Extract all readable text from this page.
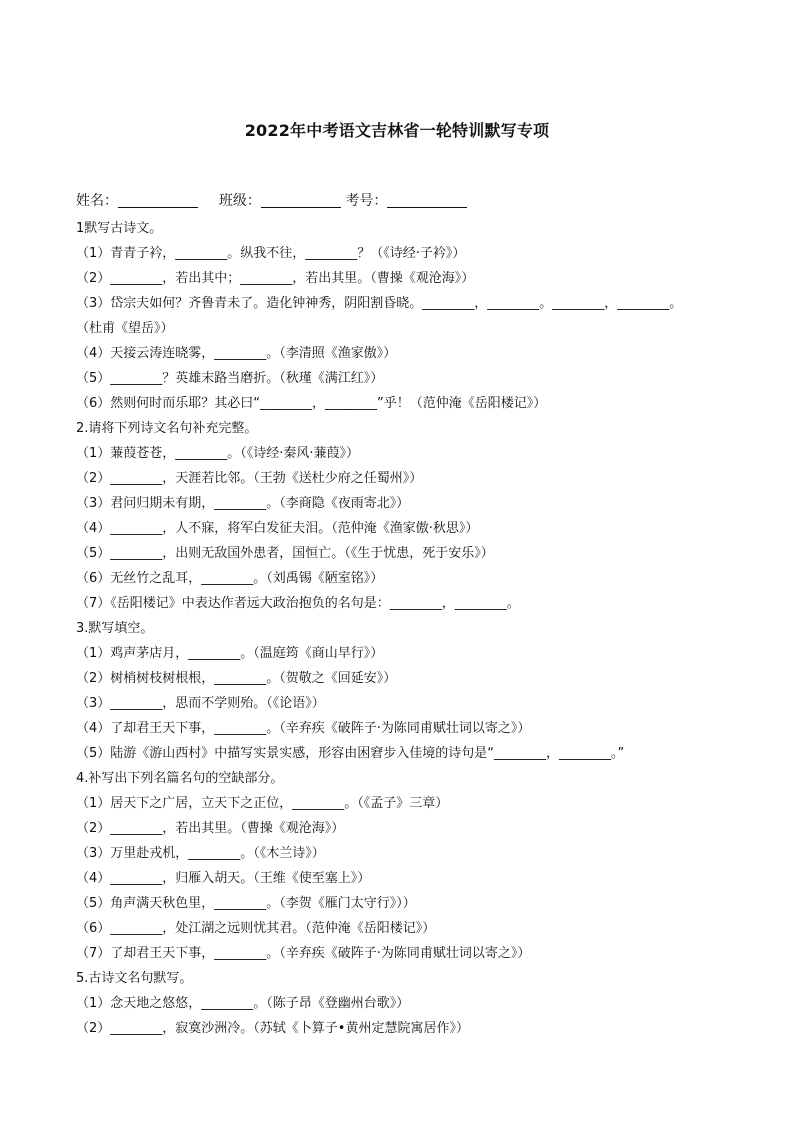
2022年中考语文吉林省一轮特训默写专项
姓名：	班级：	考号：
1默写古诗文。
（1）青青子衿，________。纵我不往，________？（《诗经·子衿》）
（2）________，若出其中；________，若出其里。（曹操《观沧海》）
（3）岱宗夫如何？齐鲁青未了。造化钟神秀，阴阳割昏晓。________，________。________，________。
（杜甫《望岳》）
（4）天接云涛连晓雾，________。（李清照《渔家傲》）
（5）________？英雄末路当磨折。（秋瑾《满江红》）
（6）然则何时而乐耶？其必曰“________，________”乎！（范仲淹《岳阳楼记》）
2.请将下列诗文名句补充完整。
（1）蒹葭苍苍，________。（《诗经·秦风·蒹葭》）
（2）________，天涯若比邻。（王勃《送杜少府之任蜀州》）
（3）君问归期未有期，________。（李商隐《夜雨寄北》）
（4）________，人不寐，将军白发征夫泪。（范仲淹《渔家傲·秋思》）
（5）________，出则无敌国外患者，国恒亡。（《生于忧患，死于安乐》）
（6）无丝竹之乱耳，________。（刘禹锡《陋室铭》）
（7）《岳阳楼记》中表达作者远大政治抱负的名句是：________，________。
3.默写填空。
（1）鸡声茅店月，________。（温庭筠《商山早行》）
（2）树梢树枝树根根，________。（贺敬之《回延安》）
（3）________，思而不学则殆。（《论语》）
（4）了却君王天下事，________。（辛弃疾《破阵子·为陈同甫赋壮词以寄之》）
（5）陆游《游山西村》中描写实景实感，形容由困窘步入佳境的诗句是“________，________。”
4.补写出下列名篇名句的空缺部分。
（1）居天下之广居，立天下之正位，________。（《孟子》三章）
（2）________，若出其里。（曹操《观沧海》）
（3）万里赴戎机，________。（《木兰诗》）
（4）________，归雁入胡天。（王维《使至塞上》）
（5）角声满天秋色里，________。（李贺《雁门太守行》））
（6）________，处江湖之远则忧其君。（范仲淹《岳阳楼记》）
（7）了却君王天下事，________。（辛弃疾《破阵子·为陈同甫赋壮词以寄之》）
5.古诗文名句默写。
（1）念天地之悠悠，________。（陈子昂《登幽州台歌》）
（2）________，寂寞沙洲冷。（苏轼《卜算子•黄州定慧院寓居作》）
